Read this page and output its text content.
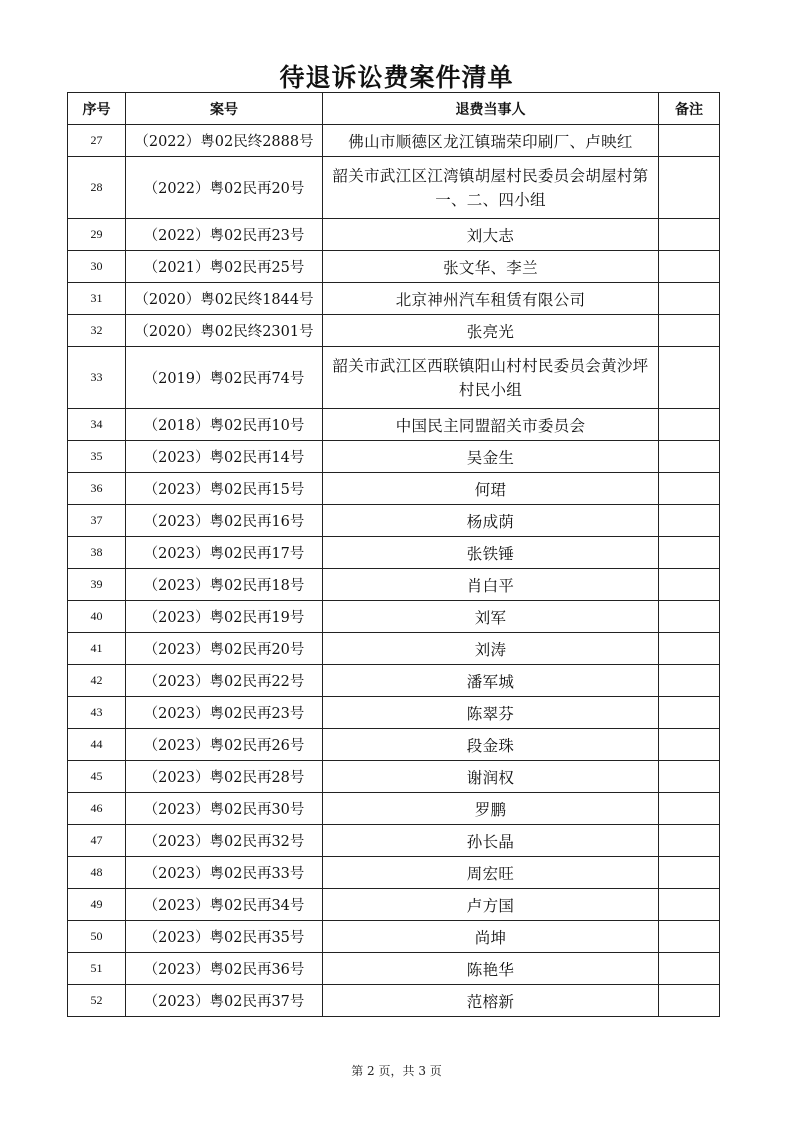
待退诉讼费案件清单
序号	案号	退费当事人	备注
27	（2022）粤02民终2888号	佛山市顺德区龙江镇瑞荣印刷厂、卢映红	
28	（2022）粤02民再20号	韶关市武江区江湾镇胡屋村民委员会胡屋村第一、二、四小组	
29	（2022）粤02民再23号	刘大志	
30	（2021）粤02民再25号	张文华、李兰	
31	（2020）粤02民终1844号	北京神州汽车租赁有限公司	
32	（2020）粤02民终2301号	张亮光	
33	（2019）粤02民再74号	韶关市武江区西联镇阳山村村民委员会黄沙坪村民小组	
34	（2018）粤02民再10号	中国民主同盟韶关市委员会	
35	（2023）粤02民再14号	吴金生	
36	（2023）粤02民再15号	何珺	
37	（2023）粤02民再16号	杨成荫	
38	（2023）粤02民再17号	张铁锤	
39	（2023）粤02民再18号	肖白平	
40	（2023）粤02民再19号	刘军	
41	（2023）粤02民再20号	刘涛	
42	（2023）粤02民再22号	潘军城	
43	（2023）粤02民再23号	陈翠芬	
44	（2023）粤02民再26号	段金珠	
45	（2023）粤02民再28号	谢润权	
46	（2023）粤02民再30号	罗鹏	
47	（2023）粤02民再32号	孙长晶	
48	（2023）粤02民再33号	周宏旺	
49	（2023）粤02民再34号	卢方国	
50	（2023）粤02民再35号	尚坤	
51	（2023）粤02民再36号	陈艳华	
52	（2023）粤02民再37号	范榕新	
第 2 页，共 3 页
